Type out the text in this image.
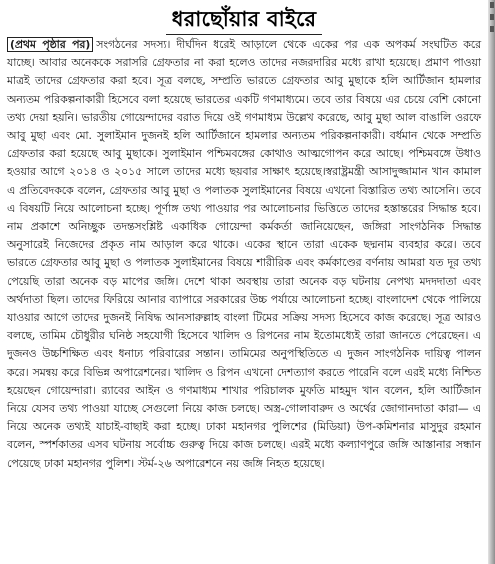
ধরাছোঁয়ার বাইরে

(প্রথম পৃষ্ঠার পর) সংগঠনের সদস্য। দীর্ঘদিন ধরেই আড়ালে থেকে একের পর এক অপকর্ম সংঘটিত করে যাচ্ছে। আবার অনেককে সরাসরি গ্রেফতার না করা হলেও তাদের নজরদারির মধ্যে রাখা হয়েছে। প্রমাণ পাওয়া মাত্রই তাদের গ্রেফতার করা হবে। সূত্র বলছে, সম্প্রতি ভারতে গ্রেফতার আবু মুছাকে হলি আর্টিজান হামলার অন্যতম পরিকল্পনাকারী হিসেবে বলা হয়েছে ভারতের একটি গণমাধ্যমে। তবে তার বিষয়ে এর চেয়ে বেশি কোনো তথ্য দেয়া হয়নি। ভারতীয় গোয়েন্দাদের বরাত দিয়ে ওই গণমাধ্যম উল্লেখ করেছে, আবু মুছা আল বাঙালি ওরফে আবু মুছা এবং মো. সুলাইমান দুজনই হলি আর্টিজানে হামলার অন্যতম পরিকল্পনাকারী। বর্ধমান থেকে সম্প্রতি গ্রেফতার করা হয়েছে আবু মুছাকে। সুলাইমান পশ্চিমবঙ্গের কোথাও আত্মগোপন করে আছে। পশ্চিমবঙ্গে উধাও হওয়ার আগে ২০১৪ ও ২০১৫ সালে তাদের মধ্যে ছয়বার সাক্ষাৎ হয়েছে।স্বরাষ্ট্রমন্ত্রী আসাদুজ্জামান খান কামাল এ প্রতিবেদককে বলেন, গ্রেফতার আবু মুছা ও পলাতক সুলাইমানের বিষয়ে এখনো বিস্তারিত তথ্য আসেনি। তবে এ বিষয়টি নিয়ে আলোচনা হচ্ছে। পূর্ণাঙ্গ তথ্য পাওয়ার পর আলোচনার ভিত্তিতে তাদের হস্তান্তরের সিদ্ধান্ত হবে। নাম প্রকাশে অনিচ্ছুক তদন্তসংশ্লিষ্ট একাধিক গোয়েন্দা কর্মকর্তা জানিয়েছেন, জঙ্গিরা সাংগঠনিক সিদ্ধান্ত অনুসারেই নিজেদের প্রকৃত নাম আড়াল করে থাকে। একের স্থানে তারা একেক ছদ্মনাম ব্যবহার করে। তবে ভারতে গ্রেফতার আবু মুছা ও পলাতক সুলাইমানের বিষয়ে শারীরিক এবং কর্মকাণ্ডের বর্ণনায় আমরা যত দূর তথ্য পেয়েছি তারা অনেক বড় মাপের জঙ্গি। দেশে থাকা অবস্থায় তারা অনেক বড় ঘটনায় নেপথ্য মদদদাতা এবং অর্থদাতা ছিল। তাদের ফিরিয়ে আনার ব্যাপারে সরকারের উচ্চ পর্যায়ে আলোচনা হচ্ছে। বাংলাদেশ থেকে পালিয়ে যাওয়ার আগে তাদের দুজনই নিষিদ্ধ আনসারুল্লাহ বাংলা টিমের সক্রিয় সদস্য হিসেবে কাজ করেছে। সূত্র আরও বলছে, তামিম চৌধুরীর ঘনিষ্ঠ সহযোগী হিসেবে খালিদ ও রিপনের নাম ইতোমধ্যেই তারা জানতে পেরেছেন। এ দুজনও উচ্চশিক্ষিত এবং ধনাঢ্য পরিবারের সন্তান। তামিমের অনুপস্থিতিতে এ দুজন সাংগঠনিক দায়িত্ব পালন করে। সমন্বয় করে বিভিন্ন অপারেশনের। খালিদ ও রিপন এখনো দেশত্যাগ করতে পারেনি বলে এরই মধ্যে নিশ্চিত হয়েছেন গোয়েন্দারা। র‌্যাবের আইন ও গণমাধ্যম শাখার পরিচালক মুফতি মাহমুদ খান বলেন, হলি আর্টিজান নিয়ে যেসব তথ্য পাওয়া যাচ্ছে সেগুলো নিয়ে কাজ চলছে। অস্ত্র-গোলাবারুদ ও অর্থের জোগানদাতা কারা— এ নিয়ে অনেক তথ্যই যাচাই-বাছাই করা হচ্ছে। ঢাকা মহানগর পুলিশের (মিডিয়া) উপ-কমিশনার মাসুদুর রহমান বলেন, স্পর্শকাতর এসব ঘটনায় সর্বোচ্চ গুরুত্ব দিয়ে কাজ চলছে। এরই মধ্যে কল্যাণপুরে জঙ্গি আস্তানার সন্ধান পেয়েছে ঢাকা মহানগর পুলিশ। স্টর্ম-২৬ অপারেশনে নয় জঙ্গি নিহত হয়েছে।
